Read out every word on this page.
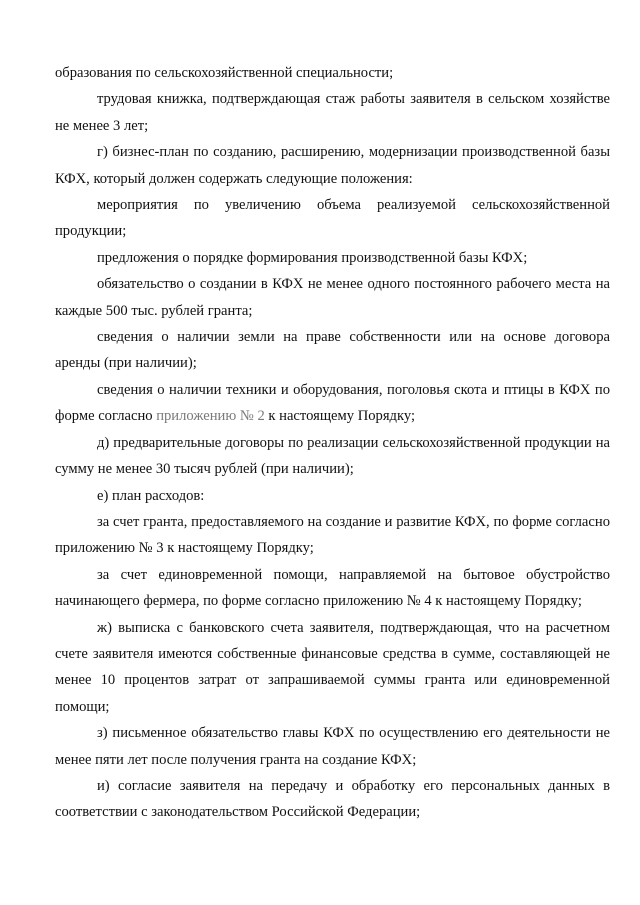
образования по сельскохозяйственной специальности;

трудовая книжка, подтверждающая стаж работы заявителя в сельском хозяйстве не менее 3 лет;

г) бизнес-план по созданию, расширению, модернизации производственной базы КФХ, который должен содержать следующие положения:

мероприятия по увеличению объема реализуемой сельскохозяйственной продукции;

предложения о порядке формирования производственной базы КФХ;

обязательство о создании в КФХ не менее одного постоянного рабочего места на каждые 500 тыс. рублей гранта;

сведения о наличии земли на праве собственности или на основе договора аренды (при наличии);

сведения о наличии техники и оборудования, поголовья скота и птицы в КФХ по форме согласно приложению № 2 к настоящему Порядку;

д) предварительные договоры по реализации сельскохозяйственной продукции на сумму не менее 30 тысяч рублей (при наличии);

е) план расходов:

за счет гранта, предоставляемого на создание и развитие КФХ, по форме согласно приложению № 3 к настоящему Порядку;

за счет единовременной помощи, направляемой на бытовое обустройство начинающего фермера, по форме согласно приложению № 4 к настоящему Порядку;

ж) выписка с банковского счета заявителя, подтверждающая, что на расчетном счете заявителя имеются собственные финансовые средства в сумме, составляющей не менее 10 процентов затрат от запрашиваемой суммы гранта или единовременной помощи;

з) письменное обязательство главы КФХ по осуществлению его деятельности не менее пяти лет после получения гранта на создание КФХ;

и) согласие заявителя на передачу и обработку его персональных данных в соответствии с законодательством Российской Федерации;
